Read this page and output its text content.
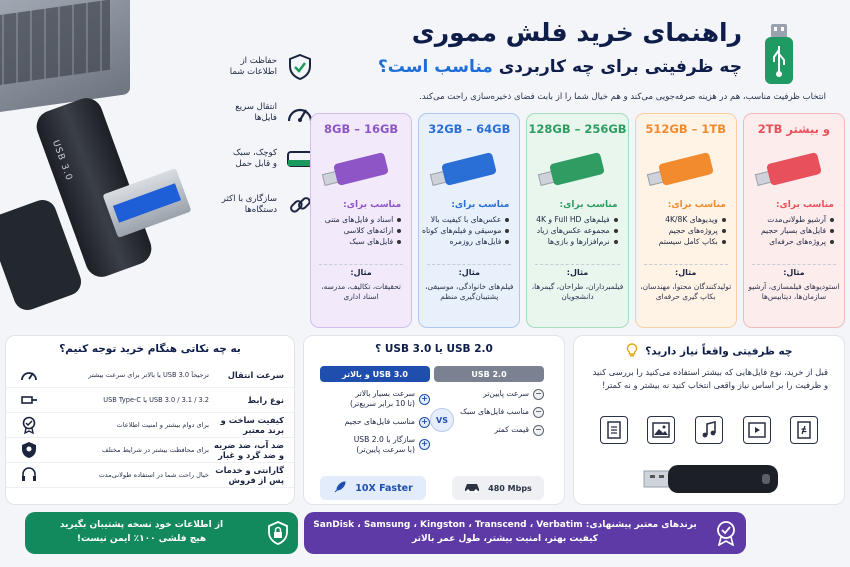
USB 3.0
حفاظت از
اطلاعات شما
انتقال سریع
فایل‌ها
کوچک، سبک
و قابل حمل
سازگاری با اکثر
دستگاه‌ها
راهنمای خرید فلش مموری
چه ظرفیتی برای چه کاربردی مناسب است؟
انتخاب ظرفیت مناسب، هم در هزینه صرفه‌جویی می‌کند و هم خیال شما را از بابت فضای ذخیره‌سازی راحت می‌کند.
2TB و بیشتر
مناسب برای:
آرشیو طولانی‌مدت
فایل‌های بسیار حجیم
پروژه‌های حرفه‌ای
مثال:
استودیوهای فیلمسازی، آرشیو سازمان‌ها، دیتابیس‌ها
512GB – 1TB
مناسب برای:
ویدیوهای 4K/8K
پروژه‌های حجیم
بکاپ کامل سیستم
مثال:
تولیدکنندگان محتوا، مهندسان، بکاپ گیری حرفه‌ای
128GB – 256GB
مناسب برای:
فیلم‌های Full HD و 4K
مجموعه عکس‌های زیاد
نرم‌افزارها و بازی‌ها
مثال:
فیلمبرداران، طراحان، گیمرها، دانشجویان
32GB – 64GB
مناسب برای:
عکس‌های با کیفیت بالا
موسیقی و فیلم‌های کوتاه
فایل‌های روزمره
مثال:
فیلم‌های خانوادگی، موسیقی، پشتیبان‌گیری منظم
8GB – 16GB
مناسب برای:
اسناد و فایل‌های متنی
ارائه‌های کلاسی
فایل‌های سبک
مثال:
تحقیقات، تکالیف، مدرسه، اسناد اداری
به چه نکاتی هنگام خرید توجه کنیم؟
سرعت انتقال
ترجیحاً USB 3.0 یا بالاتر برای سرعت بیشتر
نوع رابط
USB 3.0 / 3.1 / 3.2 یا USB Type-C
کیفیت ساخت و برند معتبر
برای دوام بیشتر و امنیت اطلاعات
ضد آب، ضد ضربه و ضد گرد و غبار
برای محافظت بیشتر در شرایط مختلف
گارانتی و خدمات پس از فروش
خیال راحت شما در استفاده طولانی‌مدت
USB 2.0 یا USB 3.0 ؟
USB 3.0 و بالاتر
+
سرعت بسیار بالاتر
(تا 10 برابر سریع‌تر)
+
مناسب فایل‌های حجیم
+
سازگار با USB 2.0
(با سرعت پایین‌تر)
VS
USB 2.0
−
سرعت پایین‌تر
−
مناسب فایل‌های سبک
−
قیمت کمتر
10X Faster	480 Mbps
چه ظرفیتی واقعاً نیاز دارید؟
قبل از خرید، نوع فایل‌هایی که بیشتر استفاده می‌کنید را بررسی کنید و ظرفیت را بر اساس نیاز واقعی انتخاب کنید نه بیشتر و نه کمتر!
از اطلاعات خود نسخه پشتیبان بگیرید
هیچ فلشی ۱۰۰٪ ایمن نیست!
برندهای معتبر پیشنهادی: SanDisk ، Samsung ، Kingston ، Transcend ، Verbatim
کیفیت بهتر، امنیت بیشتر، طول عمر بالاتر
